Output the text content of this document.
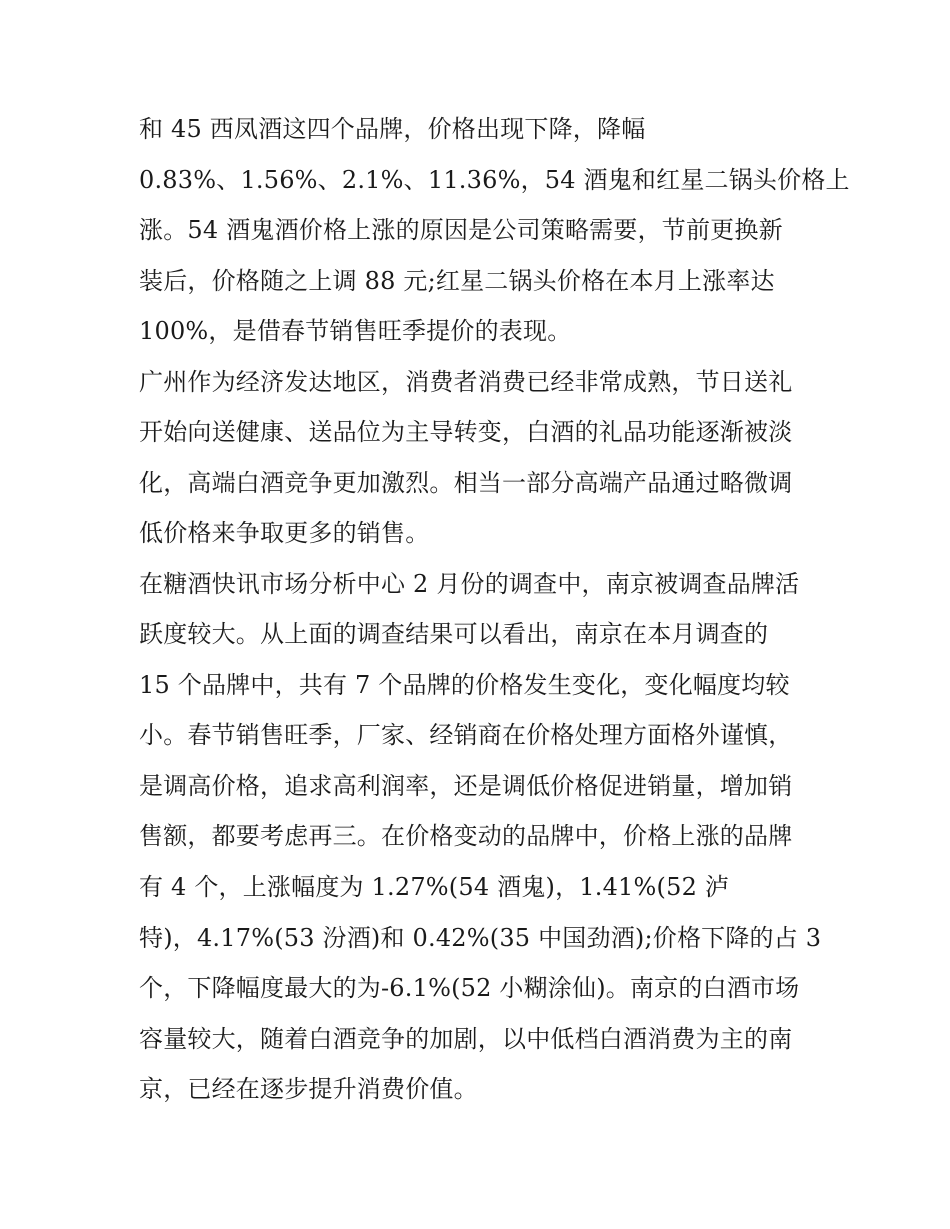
和 45 西凤酒这四个品牌，价格出现下降，降幅
0.83%、1.56%、2.1%、11.36%，54 酒鬼和红星二锅头价格上
涨。54 酒鬼酒价格上涨的原因是公司策略需要，节前更换新
装后，价格随之上调 88 元;红星二锅头价格在本月上涨率达
100%，是借春节销售旺季提价的表现。
广州作为经济发达地区，消费者消费已经非常成熟，节日送礼
开始向送健康、送品位为主导转变，白酒的礼品功能逐渐被淡
化，高端白酒竞争更加激烈。相当一部分高端产品通过略微调
低价格来争取更多的销售。
在糖酒快讯市场分析中心 2 月份的调查中，南京被调查品牌活
跃度较大。从上面的调查结果可以看出，南京在本月调查的
15 个品牌中，共有 7 个品牌的价格发生变化，变化幅度均较
小。春节销售旺季，厂家、经销商在价格处理方面格外谨慎，
是调高价格，追求高利润率，还是调低价格促进销量，增加销
售额，都要考虑再三。在价格变动的品牌中，价格上涨的品牌
有 4 个，上涨幅度为 1.27%(54 酒鬼)，1.41%(52 泸
特)，4.17%(53 汾酒)和 0.42%(35 中国劲酒);价格下降的占 3
个，下降幅度最大的为-6.1%(52 小糊涂仙)。南京的白酒市场
容量较大，随着白酒竞争的加剧，以中低档白酒消费为主的南
京，已经在逐步提升消费价值。
